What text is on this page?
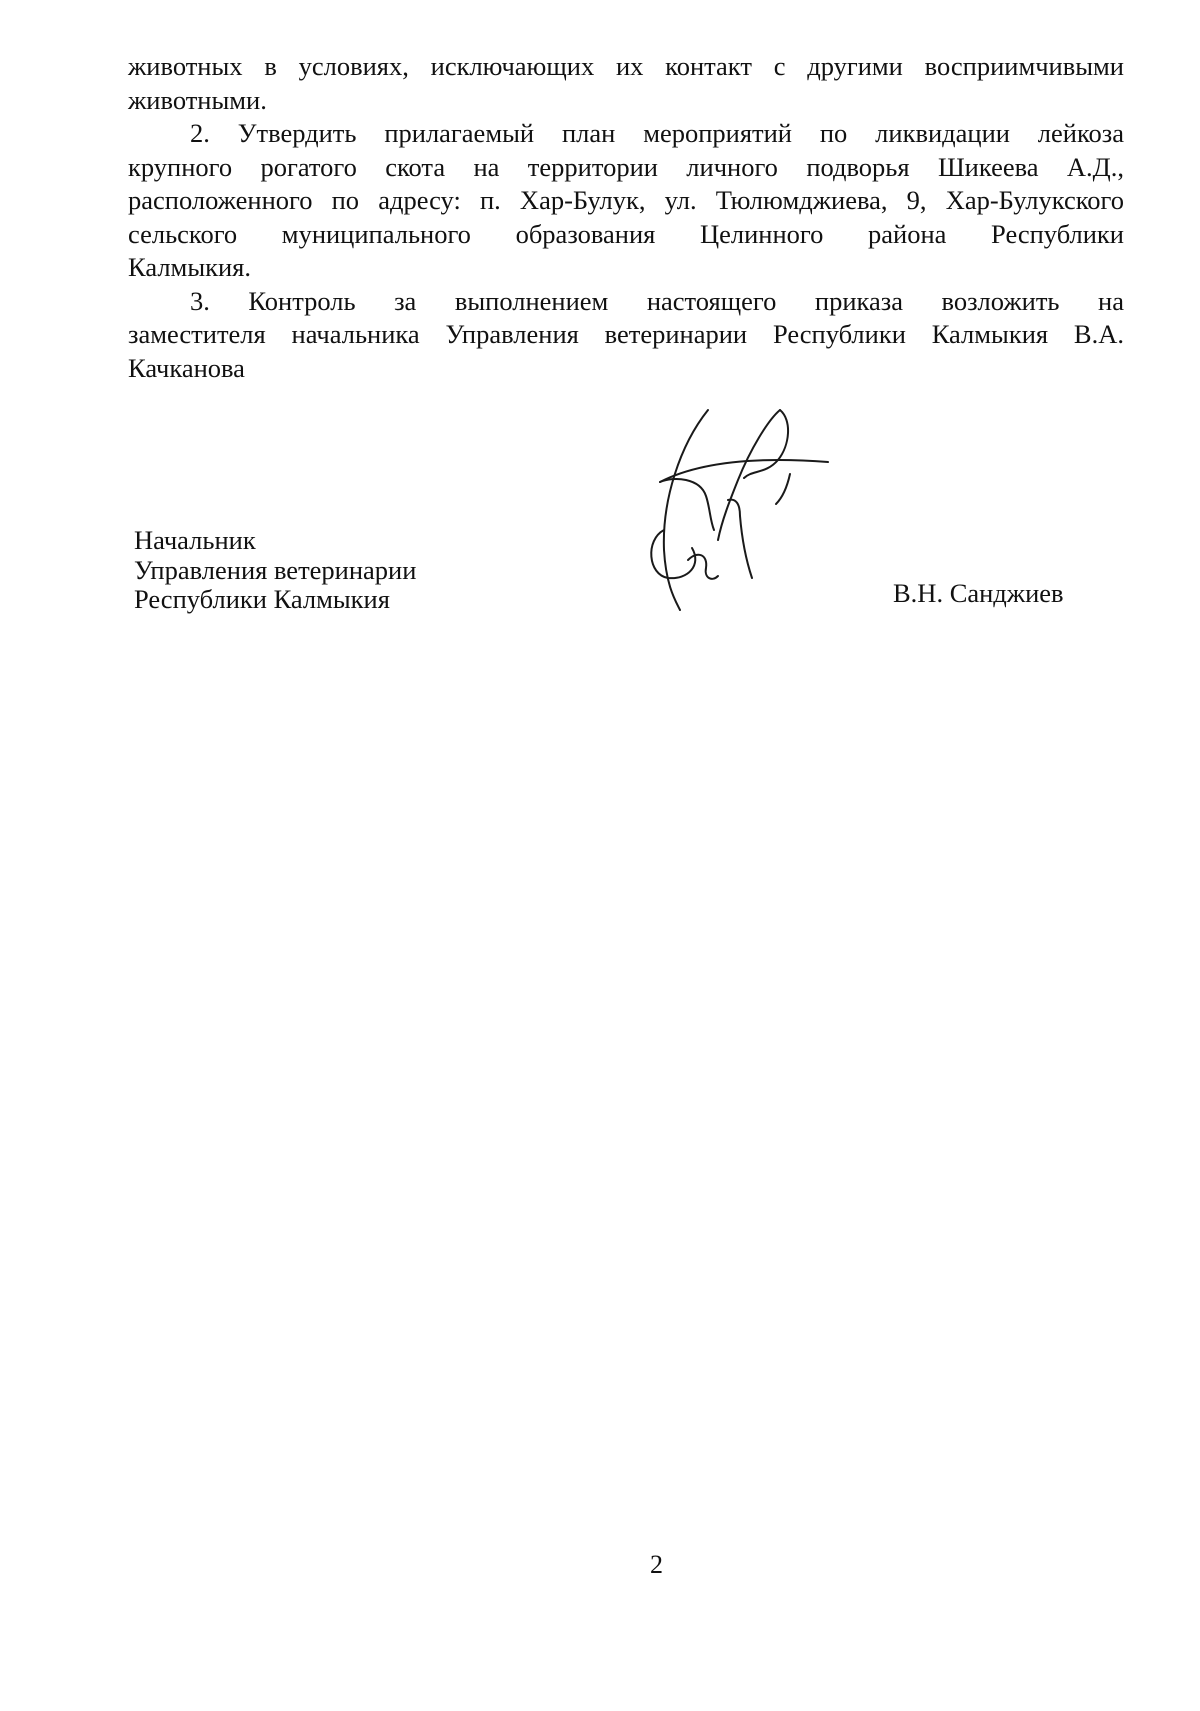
животных в условиях, исключающих их контакт с другими восприимчивыми
животными.

2. Утвердить прилагаемый план мероприятий по ликвидации лейкоза
крупного рогатого скота на территории личного подворья Шикеева А.Д.,
расположенного по адресу: п. Хар-Булук, ул. Тюлюмджиева, 9, Хар-Булукского
сельского муниципального образования Целинного района Республики
Калмыкия.

3. Контроль за выполнением настоящего приказа возложить на
заместителя начальника Управления ветеринарии Республики Калмыкия В.А.
Качканова

Начальник
Управления ветеринарии
Республики Калмыкия	В.Н. Санджиев
2
